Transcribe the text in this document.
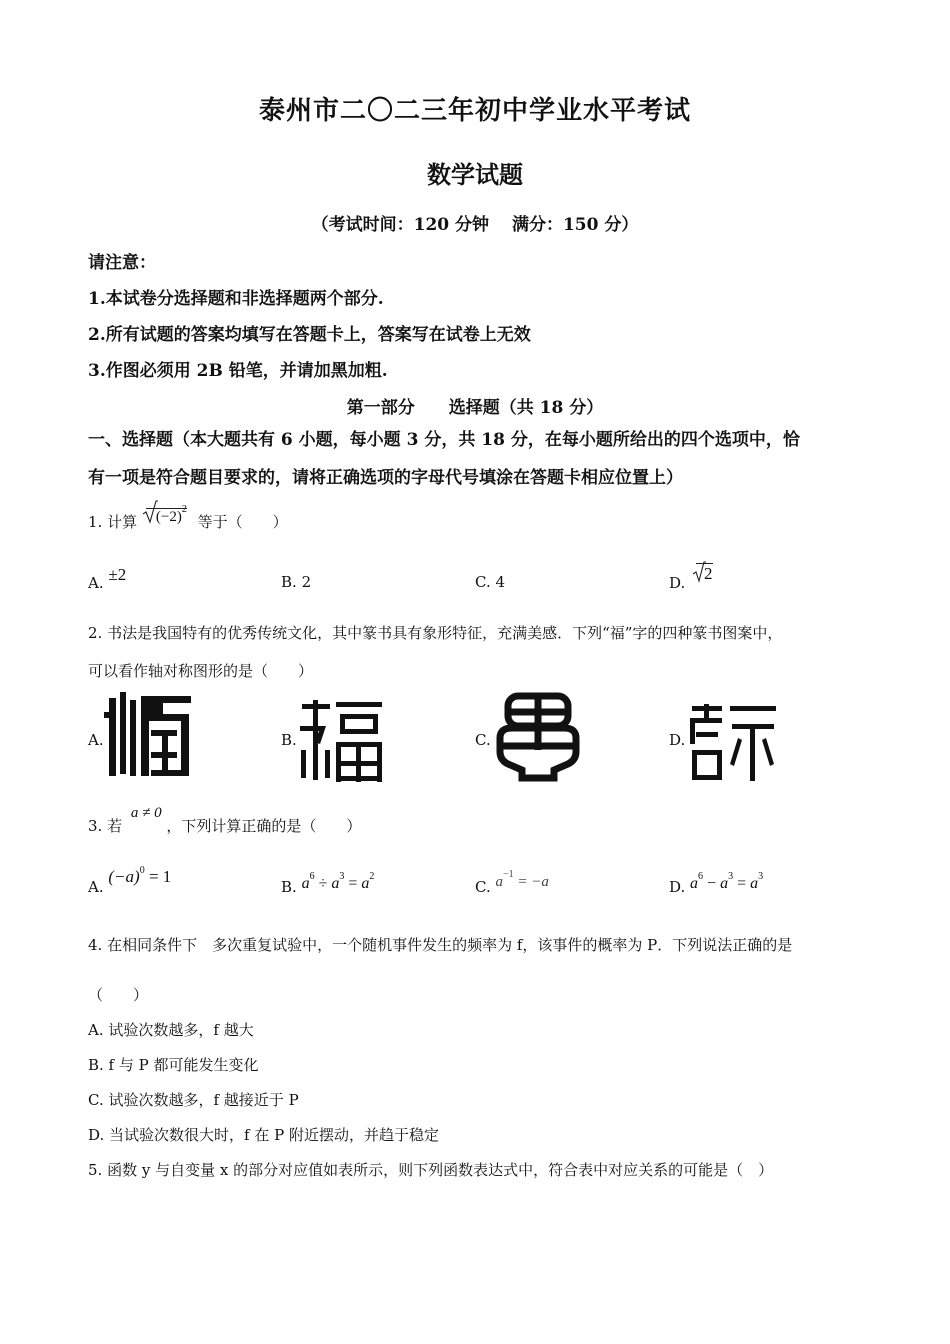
泰州市二〇二三年初中学业水平考试
数学试题
（考试时间：120 分钟　 满分：150 分）
请注意：
1.本试卷分选择题和非选择题两个部分.
2.所有试题的答案均填写在答题卡上，答案写在试卷上无效
3.作图必须用 2B 铅笔，并请加黑加粗.
第一部分　　选择题（共 18 分）
一、选择题（本大题共有 6 小题，每小题 3 分，共 18 分，在每小题所给出的四个选项中，恰
有一项是符合题目要求的，请将正确选项的字母代号填涂在答题卡相应位置上）
1. 计算 $(-2)^2$ 等于（　　）
A. ±2	B. 2	C. 4	D. 2
2. 书法是我国特有的优秀传统文化，其中篆书具有象形特征，充满美感．下列“福”字的四种篆书图案中，
可以看作轴对称图形的是（　　）
A.	B.	C.	D.
3. 若 a ≠ 0 ，下列计算正确的是（　　）
A. $(-a)^0 = 1$
B. $a^6 \div a^3 = a^2$
C. $a^{-1} = -a$	D. $a^6 - a^3 = a^3$
4. 在相同条件下　多次重复试验中，一个随机事件发生的频率为 f，该事件的概率为 P．下列说法正确的是
（　　）
A. 试验次数越多，f 越大
B. f 与 P 都可能发生变化
C. 试验次数越多，f 越接近于 P
D. 当试验次数很大时，f 在 P 附近摆动，并趋于稳定
5. 函数 y 与自变量 x 的部分对应值如表所示，则下列函数表达式中，符合表中对应关系的可能是（　）
